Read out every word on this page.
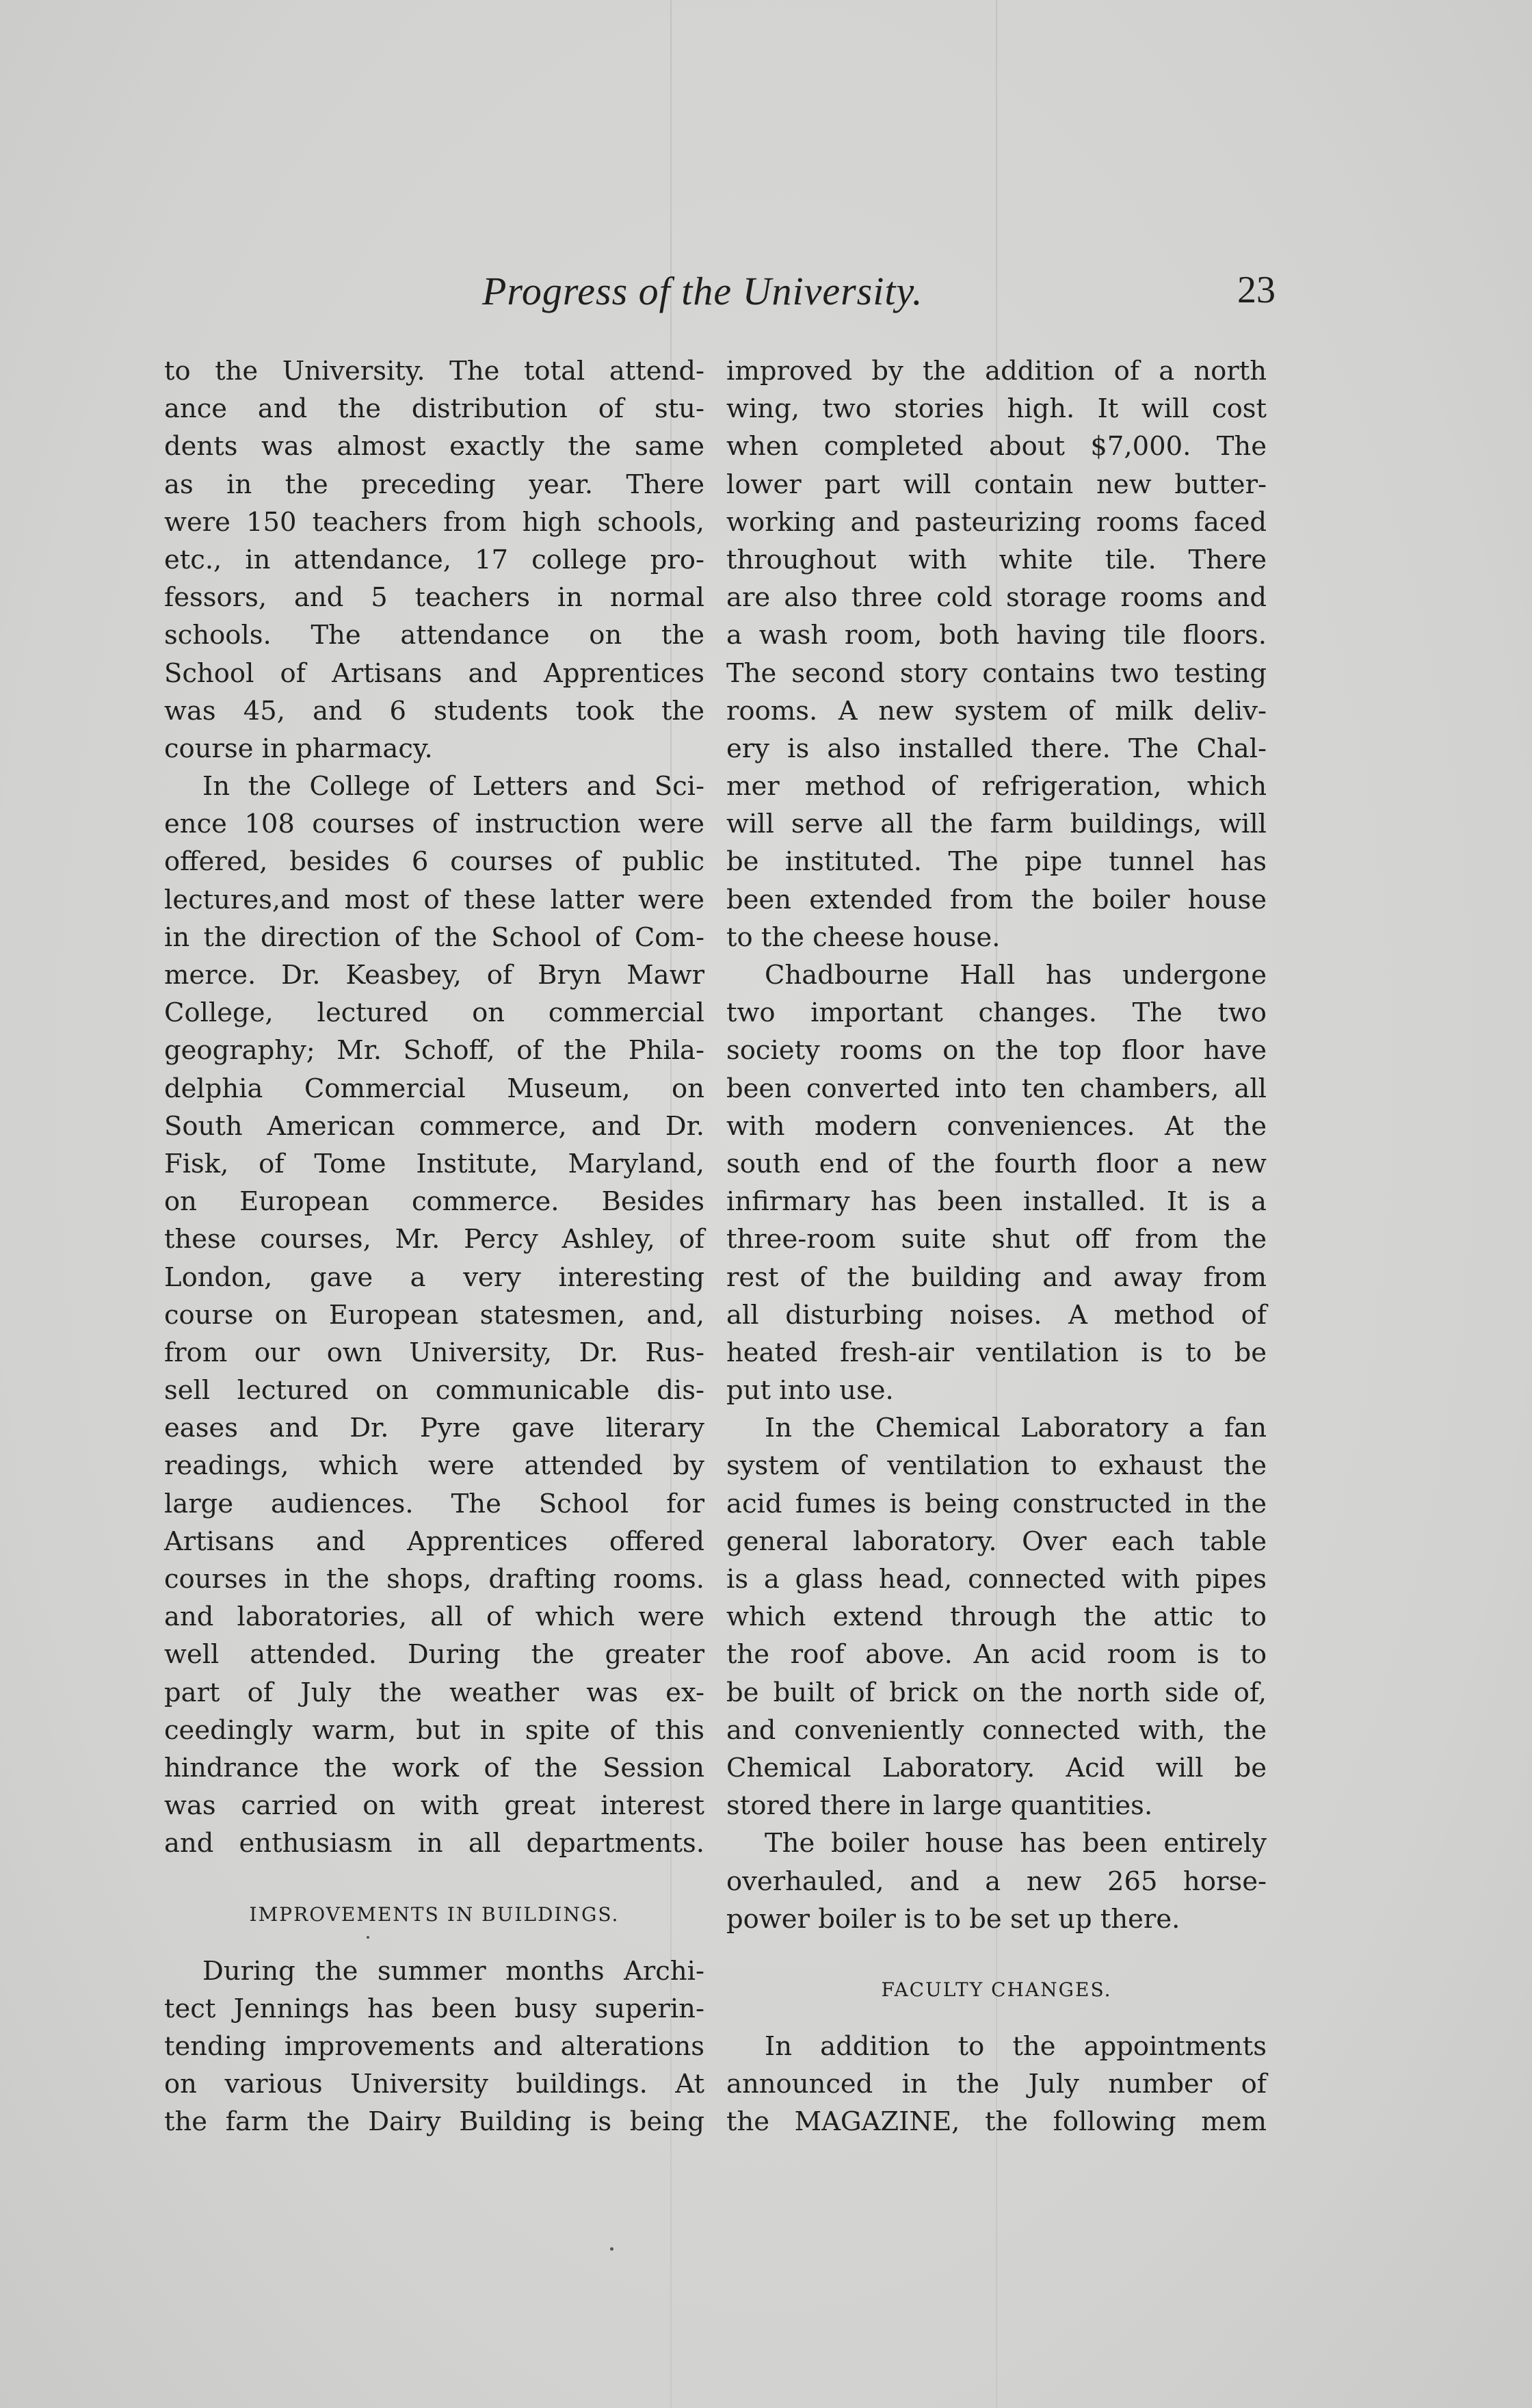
Progress of the University.	23
to the University. The total attend-
ance and the distribution of stu-
dents was almost exactly the same
as in the preceding year. There
were 150 teachers from high schools,
etc., in attendance, 17 college pro-
fessors, and 5 teachers in normal
schools. The attendance on the
School of Artisans and Apprentices
was 45, and 6 students took the
course in pharmacy.
In the College of Letters and Sci-
ence 108 courses of instruction were
offered, besides 6 courses of public
lectures,and most of these latter were
in the direction of the School of Com-
merce. Dr. Keasbey, of Bryn Mawr
College, lectured on commercial
geography; Mr. Schoff, of the Phila-
delphia Commercial Museum, on
South American commerce, and Dr.
Fisk, of Tome Institute, Maryland,
on European commerce. Besides
these courses, Mr. Percy Ashley, of
London, gave a very interesting
course on European statesmen, and,
from our own University, Dr. Rus-
sell lectured on communicable dis-
eases and Dr. Pyre gave literary
readings, which were attended by
large audiences. The School for
Artisans and Apprentices offered
courses in the shops, drafting rooms.
and laboratories, all of which were
well attended. During the greater
part of July the weather was ex-
ceedingly warm, but in spite of this
hindrance the work of the Session
was carried on with great interest
and enthusiasm in all departments.
IMPROVEMENTS IN BUILDINGS.
During the summer months Archi-
tect Jennings has been busy superin-
tending improvements and alterations
on various University buildings. At
the farm the Dairy Building is being
improved by the addition of a north
wing, two stories high. It will cost
when completed about $7,000. The
lower part will contain new butter-
working and pasteurizing rooms faced
throughout with white tile. There
are also three cold storage rooms and
a wash room, both having tile floors.
The second story contains two testing
rooms. A new system of milk deliv-
ery is also installed there. The Chal-
mer method of refrigeration, which
will serve all the farm buildings, will
be instituted. The pipe tunnel has
been extended from the boiler house
to the cheese house.
Chadbourne Hall has undergone
two important changes. The two
society rooms on the top floor have
been converted into ten chambers, all
with modern conveniences. At the
south end of the fourth floor a new
infirmary has been installed. It is a
three-room suite shut off from the
rest of the building and away from
all disturbing noises. A method of
heated fresh-air ventilation is to be
put into use.
In the Chemical Laboratory a fan
system of ventilation to exhaust the
acid fumes is being constructed in the
general laboratory. Over each table
is a glass head, connected with pipes
which extend through the attic to
the roof above. An acid room is to
be built of brick on the north side of,
and conveniently connected with, the
Chemical Laboratory. Acid will be
stored there in large quantities.
The boiler house has been entirely
overhauled, and a new 265 horse-
power boiler is to be set up there.
FACULTY CHANGES.
In addition to the appointments
announced in the July number of
the MAGAZINE, the following mem
